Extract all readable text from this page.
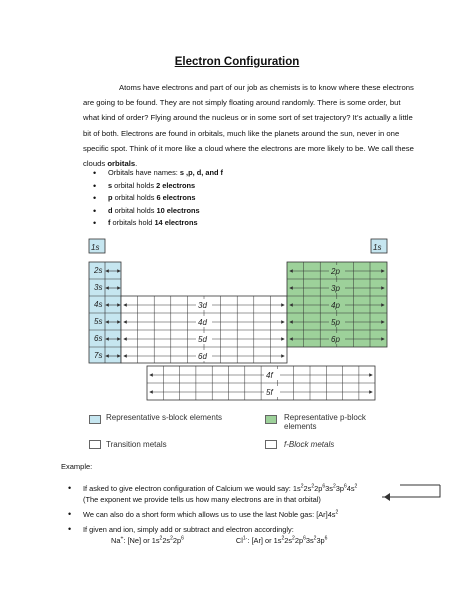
Electron Configuration

Atoms have electrons and part of our job as chemists is to know where these electrons are going to be found. They are not simply floating around randomly. There is some order, but what kind of order? Flying around the nucleus or in some sort of set trajectory? It’s actually a little bit of both. Electrons are found in orbitals, much like the planets around the sun, never in one specific spot. Think of it more like a cloud where the electrons are more likely to be. We call these clouds orbitals.

• Orbitals have names: s ,p, d, and f
• s orbital holds 2 electrons
• p orbital holds 6 electrons
• d orbital holds 10 electrons
• f orbitals hold 14 electrons
1s	1s
2s
3s
4s
5s
6s
7s
3d
4d
5d
6d
2p
3p
4p
5p
6p
4f
5f
Representative s-block elements	Representative p-block elements
Transition metals	f-Block metals
Example:
• If asked to give electron configuration of Calcium we would say: $1s^22s^22p^63s^23p^64s^2$
(The exponent we provide tells us how many electrons are in that orbital)
• We can also do a short form which allows us to use the last Noble gas: $[Ar]4s^2$
• If given and ion, simply add or subtract and electron accordingly:
Na+: [Ne] or $1s^22s^22p^6$	$Cl^{1-}$: [Ar] or $1s^22s^22p^63s^23p^6$
